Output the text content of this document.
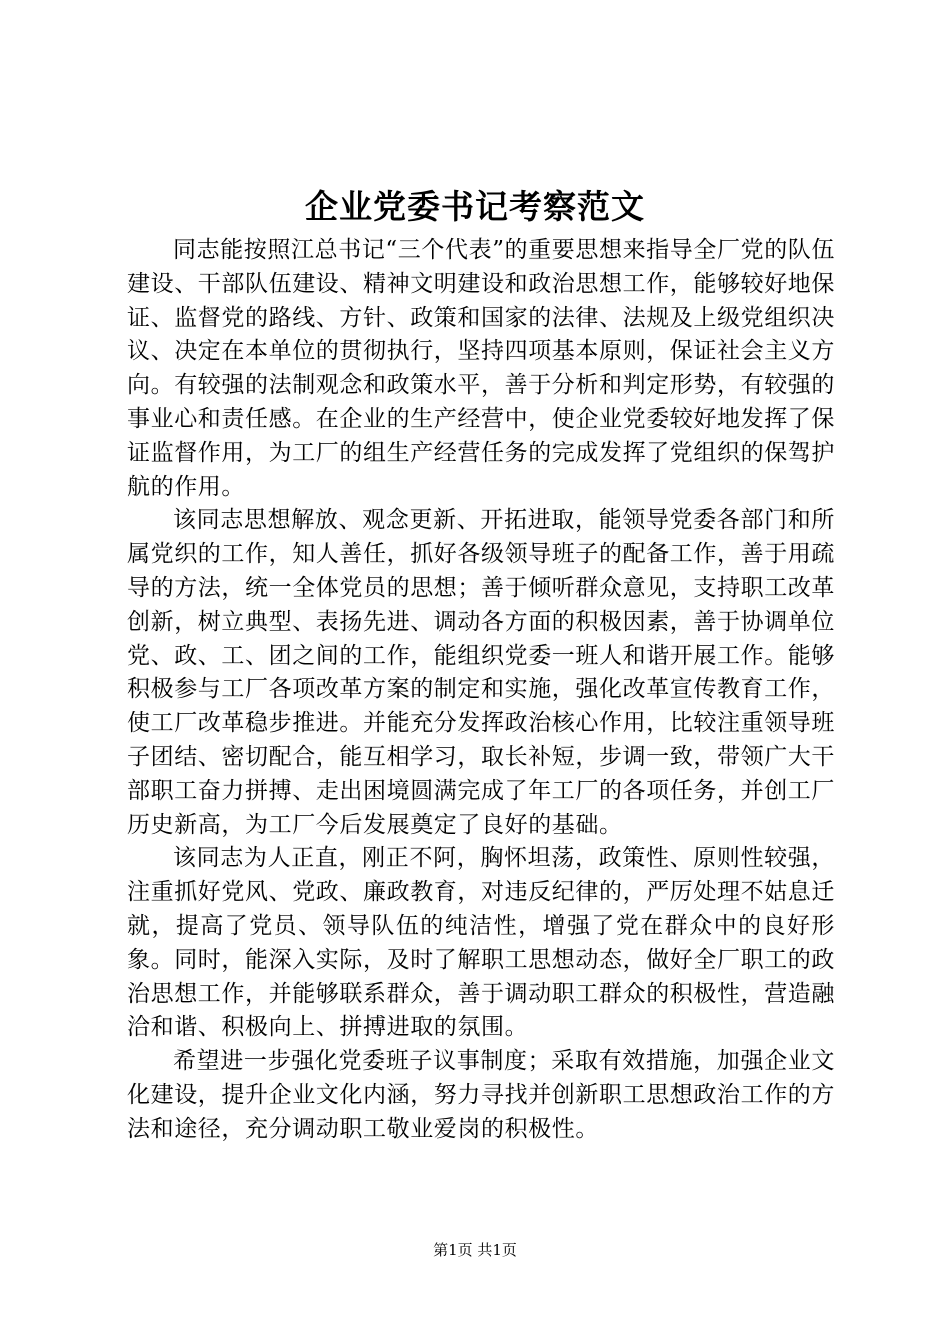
企业党委书记考察范文

同志能按照江总书记“三个代表”的重要思想来指导全厂党的队伍建设、干部队伍建设、精神文明建设和政治思想工作，能够较好地保证、监督党的路线、方针、政策和国家的法律、法规及上级党组织决议、决定在本单位的贯彻执行，坚持四项基本原则，保证社会主义方向。有较强的法制观念和政策水平，善于分析和判定形势，有较强的事业心和责任感。在企业的生产经营中，使企业党委较好地发挥了保证监督作用，为工厂的组生产经营任务的完成发挥了党组织的保驾护航的作用。

该同志思想解放、观念更新、开拓进取，能领导党委各部门和所属党织的工作，知人善任，抓好各级领导班子的配备工作，善于用疏导的方法，统一全体党员的思想；善于倾听群众意见，支持职工改革创新，树立典型、表扬先进、调动各方面的积极因素，善于协调单位党、政、工、团之间的工作，能组织党委一班人和谐开展工作。能够积极参与工厂各项改革方案的制定和实施，强化改革宣传教育工作，使工厂改革稳步推进。并能充分发挥政治核心作用，比较注重领导班子团结、密切配合，能互相学习，取长补短，步调一致，带领广大干部职工奋力拼搏、走出困境圆满完成了年工厂的各项任务，并创工厂历史新高，为工厂今后发展奠定了良好的基础。

该同志为人正直，刚正不阿，胸怀坦荡，政策性、原则性较强，注重抓好党风、党政、廉政教育，对违反纪律的，严厉处理不姑息迁就，提高了党员、领导队伍的纯洁性，增强了党在群众中的良好形象。同时，能深入实际，及时了解职工思想动态，做好全厂职工的政治思想工作，并能够联系群众，善于调动职工群众的积极性，营造融洽和谐、积极向上、拼搏进取的氛围。

希望进一步强化党委班子议事制度；采取有效措施，加强企业文化建设，提升企业文化内涵，努力寻找并创新职工思想政治工作的方法和途径，充分调动职工敬业爱岗的积极性。

第1页 共1页
